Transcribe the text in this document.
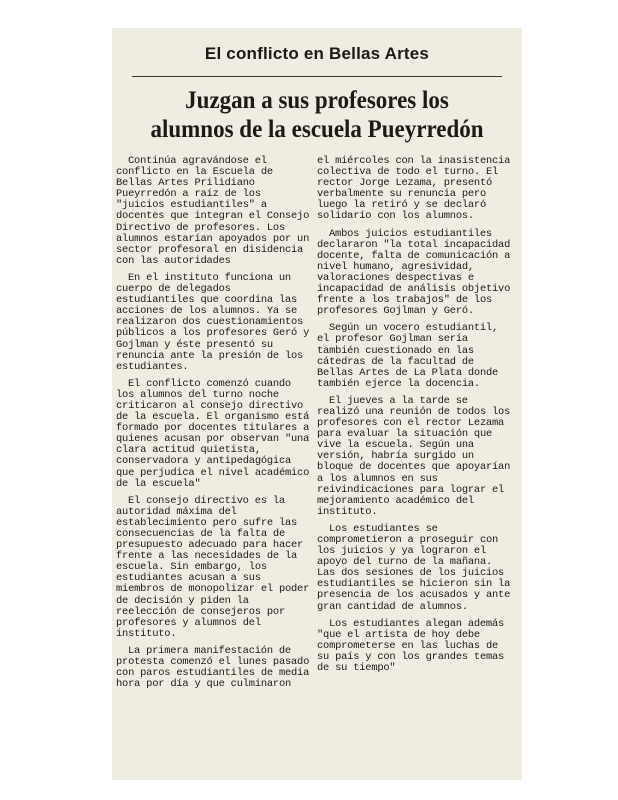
El conflicto en Bellas Artes
Juzgan a sus profesores los
alumnos de la escuela Pueyrredón

Continúa agravándose el conflicto en la Escuela de Bellas Artes Prilidiano Pueyrredón a raíz de los "juicios estudiantiles" a docentes que integran el Consejo Directivo de profesores. Los alumnos estarían apoyados por un sector profesoral en disidencia con las autoridades

En el instituto funciona un cuerpo de delegados estudiantiles que coordina las acciones de los alumnos. Ya se realizaron dos cuestionamientos públicos a los profesores Geró y Gojlman y éste presentó su renuncia ante la presión de los estudiantes.

El conflicto comenzó cuando los alumnos del turno noche criticaron al consejo directivo de la escuela. El organismo está formado por docentes titulares a quienes acusan por observan "una clara actitud quietista, conservadora y antipedagógica que perjudica el nivel académico de la escuela"

El consejo directivo es la autoridad máxima del establecimiento pero sufre las consecuencias de la falta de presupuesto adecuado para hacer frente a las necesidades de la escuela. Sin embargo, los estudiantes acusan a sus miembros de monopolizar el poder de decisión y piden la reelección de consejeros por profesores y alumnos del instituto.

La primera manifestación de protesta comenzó el lunes pasado con paros estudiantiles de media hora por día y que culminaron

el miércoles con la inasistencia colectiva de todo el turno. El rector Jorge Lezama, presentó verbalmente su renuncia pero luego la retiró y se declaró solidario con los alumnos.

Ambos juicios estudiantiles declararon "la total incapacidad docente, falta de comunicación a nivel humano, agresividad, valoraciones despectivas e incapacidad de análisis objetivo frente a los trabajos" de los profesores Gojlman y Geró.

Según un vocero estudiantil, el profesor Gojlman sería también cuestionado en las cátedras de la facultad de Bellas Artes de La Plata donde también ejerce la docencia.

El jueves a la tarde se realizó una reunión de todos los profesores con el rector Lezama para evaluar la situación que vive la escuela. Según una versión, habría surgido un bloque de docentes que apoyarían a los alumnos en sus reivindicaciones para lograr el mejoramiento académico del instituto.

Los estudiantes se comprometieron a proseguir con los juicios y ya lograron el apoyo del turno de la mañana. Las dos sesiones de los juicios estudiantiles se hicieron sin la presencia de los acusados y ante gran cantidad de alumnos.

Los estudiantes alegan además "que el artista de hoy debe comprometerse en las luchas de su país y con los grandes temas de su tiempo"
